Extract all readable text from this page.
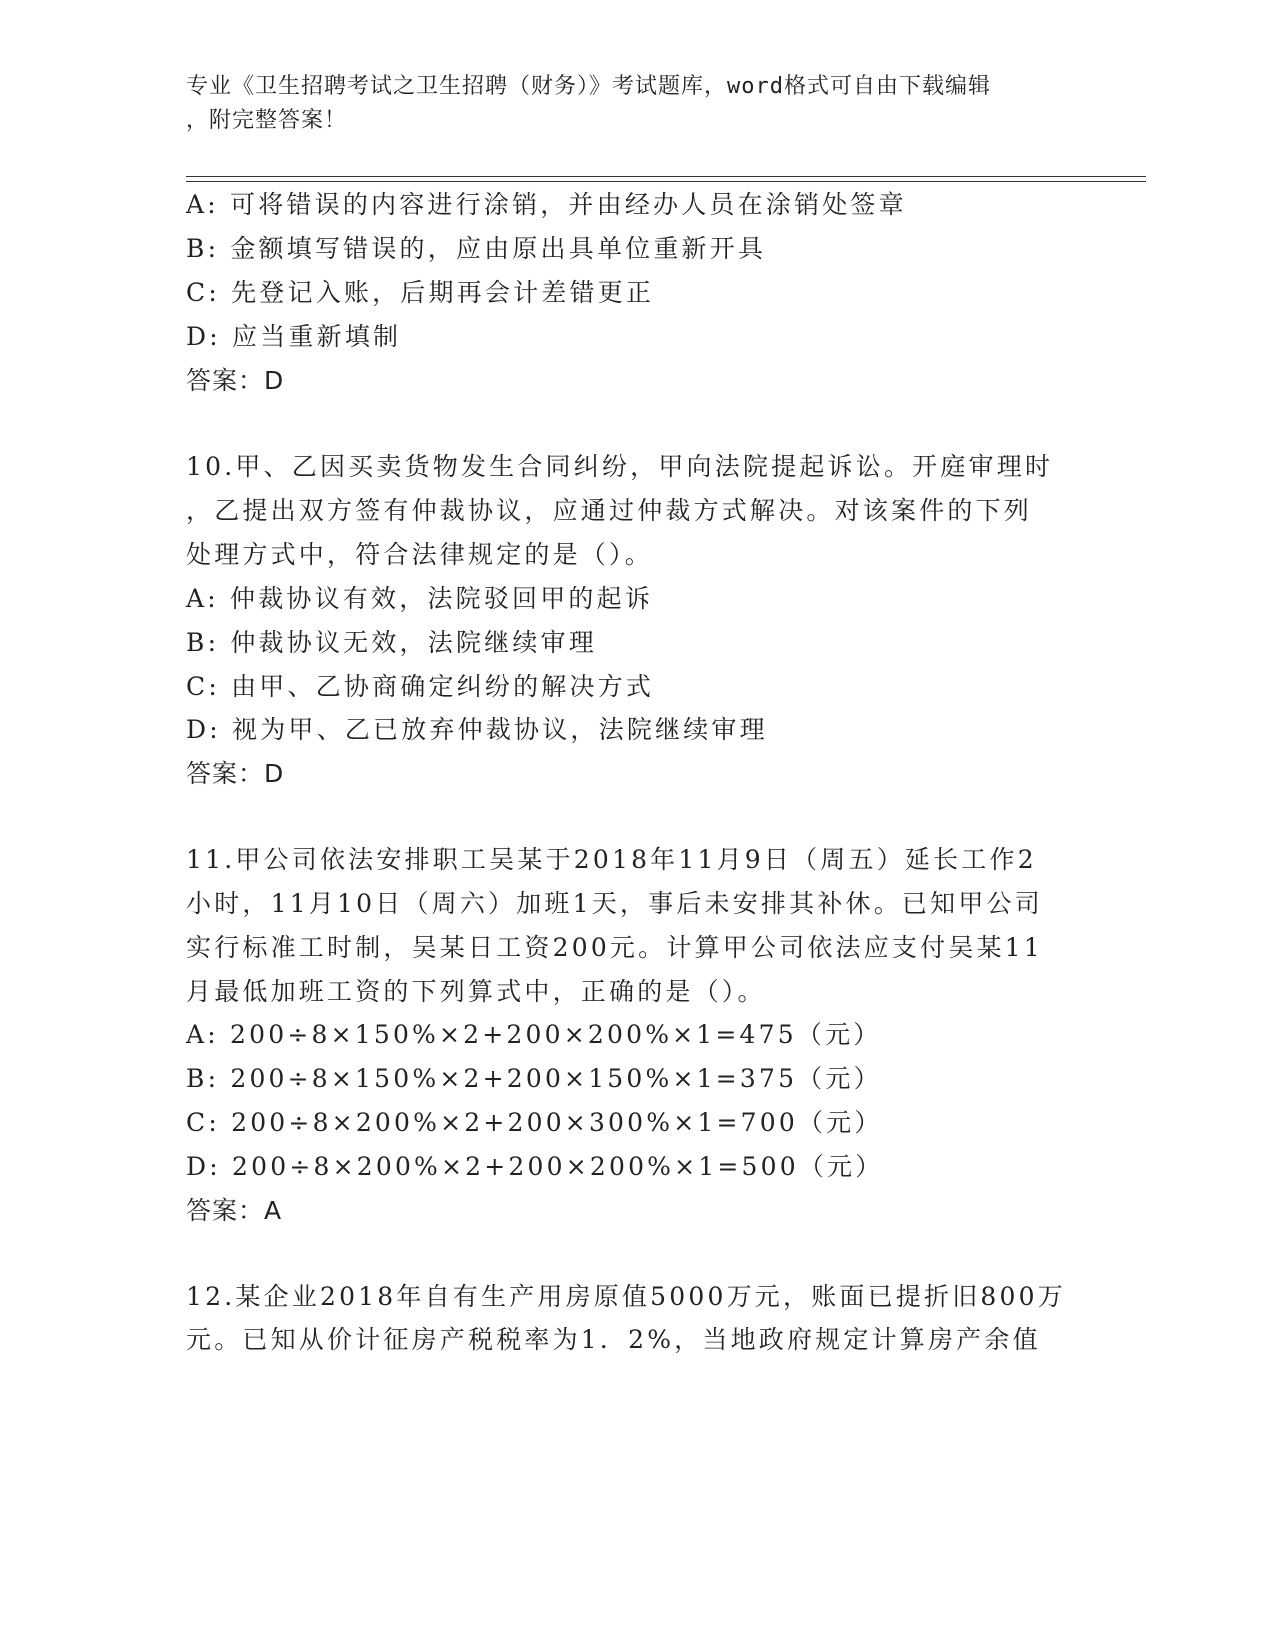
专业《卫生招聘考试之卫生招聘（财务）》考试题库，word格式可自由下载编辑
，附完整答案！
A: 可将错误的内容进行涂销，并由经办人员在涂销处签章
B: 金额填写错误的，应由原出具单位重新开具
C: 先登记入账，后期再会计差错更正
D: 应当重新填制
答案：D
10.甲、乙因买卖货物发生合同纠纷，甲向法院提起诉讼。开庭审理时
，乙提出双方签有仲裁协议，应通过仲裁方式解决。对该案件的下列
处理方式中，符合法律规定的是（）。
A: 仲裁协议有效，法院驳回甲的起诉
B: 仲裁协议无效，法院继续审理
C: 由甲、乙协商确定纠纷的解决方式
D: 视为甲、乙已放弃仲裁协议，法院继续审理
答案：D
11.甲公司依法安排职工吴某于2018年11月9日（周五）延长工作2
小时，11月10日（周六）加班1天，事后未安排其补休。已知甲公司
实行标准工时制，吴某日工资200元。计算甲公司依法应支付吴某11
月最低加班工资的下列算式中，正确的是（）。
A: 200÷8×150%×2+200×200%×1=475（元）
B: 200÷8×150%×2+200×150%×1=375（元）
C: 200÷8×200%×2+200×300%×1=700（元）
D: 200÷8×200%×2+200×200%×1=500（元）
答案：A
12.某企业2018年自有生产用房原值5000万元，账面已提折旧800万
元。已知从价计征房产税税率为1．2%，当地政府规定计算房产余值
